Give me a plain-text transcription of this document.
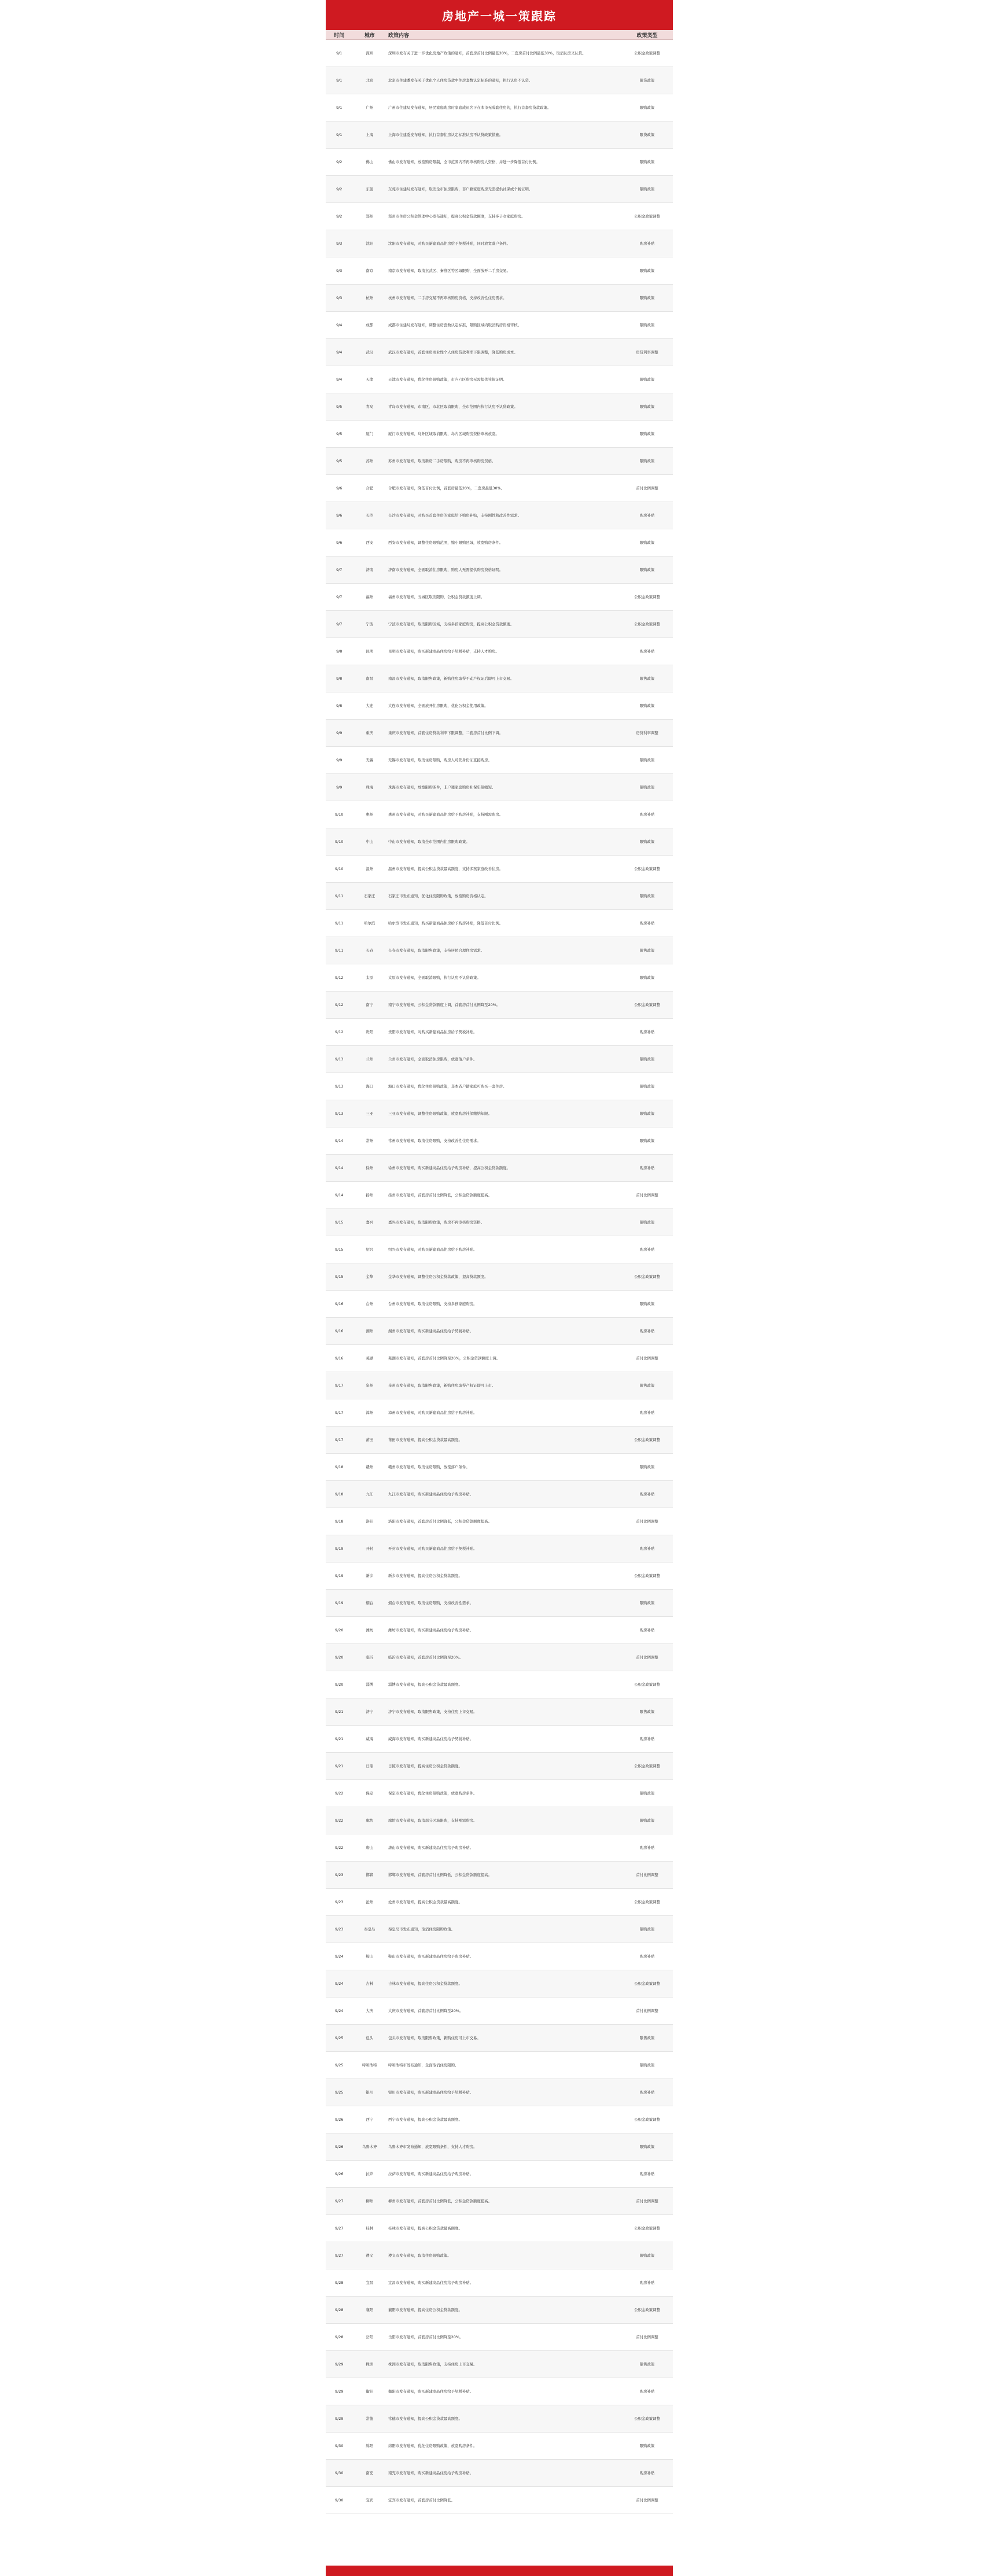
房地产一城一策跟踪
时间	城市	政策内容	政策类型
9/1	深圳	深圳市发布关于进一步优化房地产政策的通知，首套房首付比例最低20%，二套房首付比例最低30%，取消认房又认贷。	公积金政策调整
9/1	北京	北京市住建委发布关于优化个人住房贷款中住房套数认定标准的通知，执行认房不认贷。	限贷政策
9/1	广州	广州市住建局发布通知，居民家庭购房时家庭成员名下在本市无成套住房的，执行首套房贷款政策。	限购政策
9/1	上海	上海市住建委发布通知，执行首套住房认定标准认房不认贷政策措施。	限贷政策
9/2	佛山	佛山市发布通知，放宽购房限制，全市范围内不再审核购房人资格，并进一步降低首付比例。	限购政策
9/2	东莞	东莞市住建局发布通知，取消全市住房限购，非户籍家庭购房无需提供社保或个税证明。	限购政策
9/2	郑州	郑州市住房公积金管理中心发布通知，提高公积金贷款额度，支持多子女家庭购房。	公积金政策调整
9/3	沈阳	沈阳市发布通知，对购买新建商品住房给予契税补贴，同时放宽落户条件。	购房补贴
9/3	南京	南京市发布通知，取消玄武区、秦淮区等区域限购，全面放开二手房交易。	限购政策
9/3	杭州	杭州市发布通知，二手房交易不再审核购房资格，支持改善性住房需求。	限购政策
9/4	成都	成都市住建局发布通知，调整住房套数认定标准，限购区域内取消购房资格审核。	限购政策
9/4	武汉	武汉市发布通知，首套住房商业性个人住房贷款利率下限调整，降低购房成本。	房贷利率调整
9/4	天津	天津市发布通知，优化住房限购政策，市内六区购房无需提供社保证明。	限购政策
9/5	青岛	青岛市发布通知，市南区、市北区取消限购，全市范围内执行认房不认贷政策。	限购政策
9/5	厦门	厦门市发布通知，岛外区域取消限购，岛内区域购房资格审核放宽。	限购政策
9/5	苏州	苏州市发布通知，取消新房二手房限购，购房不再审核购房资格。	限购政策
9/6	合肥	合肥市发布通知，降低首付比例，首套房最低20%，二套房最低30%。	首付比例调整
9/6	长沙	长沙市发布通知，对购买首套住房的家庭给予购房补贴，支持刚性和改善性需求。	购房补贴
9/6	西安	西安市发布通知，调整住房限购范围，缩小限购区域，放宽购房条件。	限购政策
9/7	济南	济南市发布通知，全面取消住房限购，购房人无需提供购房资格证明。	限购政策
9/7	福州	福州市发布通知，五城区取消限购，公积金贷款额度上调。	公积金政策调整
9/7	宁波	宁波市发布通知，取消限购区域，支持多孩家庭购房，提高公积金贷款额度。	公积金政策调整
9/8	昆明	昆明市发布通知，购买新建商品住房给予契税补贴，支持人才购房。	购房补贴
9/8	南昌	南昌市发布通知，取消限售政策，新购住房取得不动产权证后即可上市交易。	限售政策
9/8	大连	大连市发布通知，全面放开住房限购，优化公积金使用政策。	限购政策
9/9	重庆	重庆市发布通知，首套住房贷款利率下限调整，二套房首付比例下调。	房贷利率调整
9/9	无锡	无锡市发布通知，取消住房限购，购房人可凭身份证直接购房。	限购政策
9/9	珠海	珠海市发布通知，放宽限购条件，非户籍家庭购房社保年限缩短。	限购政策
9/10	惠州	惠州市发布通知，对购买新建商品住房给予购房补贴，支持刚需购房。	购房补贴
9/10	中山	中山市发布通知，取消全市范围内住房限购政策。	限购政策
9/10	温州	温州市发布通知，提高公积金贷款最高额度，支持多孩家庭改善住房。	公积金政策调整
9/11	石家庄	石家庄市发布通知，优化住房限购政策，放宽购房资格认定。	限购政策
9/11	哈尔滨	哈尔滨市发布通知，购买新建商品住房给予购房补贴，降低首付比例。	购房补贴
9/11	长春	长春市发布通知，取消限售政策，支持居民合理住房需求。	限售政策
9/12	太原	太原市发布通知，全面取消限购，执行认房不认贷政策。	限购政策
9/12	南宁	南宁市发布通知，公积金贷款额度上调，首套房首付比例降至20%。	公积金政策调整
9/12	贵阳	贵阳市发布通知，对购买新建商品住房给予契税补贴。	购房补贴
9/13	兰州	兰州市发布通知，全面取消住房限购，放宽落户条件。	限购政策
9/13	海口	海口市发布通知，优化住房限购政策，非本省户籍家庭可购买一套住房。	限购政策
9/13	三亚	三亚市发布通知，调整住房限购政策，放宽购房社保缴纳年限。	限购政策
9/14	常州	常州市发布通知，取消住房限购，支持改善性住房需求。	限购政策
9/14	徐州	徐州市发布通知，购买新建商品住房给予购房补贴，提高公积金贷款额度。	购房补贴
9/14	扬州	扬州市发布通知，首套房首付比例降低，公积金贷款额度提高。	首付比例调整
9/15	嘉兴	嘉兴市发布通知，取消限购政策，购房不再审核购房资格。	限购政策
9/15	绍兴	绍兴市发布通知，对购买新建商品住房给予购房补贴。	购房补贴
9/15	金华	金华市发布通知，调整住房公积金贷款政策，提高贷款额度。	公积金政策调整
9/16	台州	台州市发布通知，取消住房限购，支持多孩家庭购房。	限购政策
9/16	湖州	湖州市发布通知，购买新建商品住房给予契税补贴。	购房补贴
9/16	芜湖	芜湖市发布通知，首套房首付比例降至20%，公积金贷款额度上调。	首付比例调整
9/17	泉州	泉州市发布通知，取消限售政策，新购住房取得产权证即可上市。	限售政策
9/17	漳州	漳州市发布通知，对购买新建商品住房给予购房补贴。	购房补贴
9/17	莆田	莆田市发布通知，提高公积金贷款最高额度。	公积金政策调整
9/18	赣州	赣州市发布通知，取消住房限购，放宽落户条件。	限购政策
9/18	九江	九江市发布通知，购买新建商品住房给予购房补贴。	购房补贴
9/18	洛阳	洛阳市发布通知，首套房首付比例降低，公积金贷款额度提高。	首付比例调整
9/19	开封	开封市发布通知，对购买新建商品住房给予契税补贴。	购房补贴
9/19	新乡	新乡市发布通知，提高住房公积金贷款额度。	公积金政策调整
9/19	烟台	烟台市发布通知，取消住房限购，支持改善性需求。	限购政策
9/20	潍坊	潍坊市发布通知，购买新建商品住房给予购房补贴。	购房补贴
9/20	临沂	临沂市发布通知，首套房首付比例降至20%。	首付比例调整
9/20	淄博	淄博市发布通知，提高公积金贷款最高额度。	公积金政策调整
9/21	济宁	济宁市发布通知，取消限售政策，支持住房上市交易。	限售政策
9/21	威海	威海市发布通知，购买新建商品住房给予契税补贴。	购房补贴
9/21	日照	日照市发布通知，提高住房公积金贷款额度。	公积金政策调整
9/22	保定	保定市发布通知，优化住房限购政策，放宽购房条件。	限购政策
9/22	廊坊	廊坊市发布通知，取消部分区域限购，支持刚需购房。	限购政策
9/22	唐山	唐山市发布通知，购买新建商品住房给予购房补贴。	购房补贴
9/23	邯郸	邯郸市发布通知，首套房首付比例降低，公积金贷款额度提高。	首付比例调整
9/23	沧州	沧州市发布通知，提高公积金贷款最高额度。	公积金政策调整
9/23	秦皇岛	秦皇岛市发布通知，取消住房限购政策。	限购政策
9/24	鞍山	鞍山市发布通知，购买新建商品住房给予购房补贴。	购房补贴
9/24	吉林	吉林市发布通知，提高住房公积金贷款额度。	公积金政策调整
9/24	大庆	大庆市发布通知，首套房首付比例降至20%。	首付比例调整
9/25	包头	包头市发布通知，取消限售政策，新购住房可上市交易。	限售政策
9/25	呼和浩特	呼和浩特市发布通知，全面取消住房限购。	限购政策
9/25	银川	银川市发布通知，购买新建商品住房给予契税补贴。	购房补贴
9/26	西宁	西宁市发布通知，提高公积金贷款最高额度。	公积金政策调整
9/26	乌鲁木齐	乌鲁木齐市发布通知，放宽限购条件，支持人才购房。	限购政策
9/26	拉萨	拉萨市发布通知，购买新建商品住房给予购房补贴。	购房补贴
9/27	柳州	柳州市发布通知，首套房首付比例降低，公积金贷款额度提高。	首付比例调整
9/27	桂林	桂林市发布通知，提高公积金贷款最高额度。	公积金政策调整
9/27	遵义	遵义市发布通知，取消住房限购政策。	限购政策
9/28	宜昌	宜昌市发布通知，购买新建商品住房给予购房补贴。	购房补贴
9/28	襄阳	襄阳市发布通知，提高住房公积金贷款额度。	公积金政策调整
9/28	岳阳	岳阳市发布通知，首套房首付比例降至20%。	首付比例调整
9/29	株洲	株洲市发布通知，取消限售政策，支持住房上市交易。	限售政策
9/29	衡阳	衡阳市发布通知，购买新建商品住房给予契税补贴。	购房补贴
9/29	常德	常德市发布通知，提高公积金贷款最高额度。	公积金政策调整
9/30	绵阳	绵阳市发布通知，优化住房限购政策，放宽购房条件。	限购政策
9/30	南充	南充市发布通知，购买新建商品住房给予购房补贴。	购房补贴
9/30	宜宾	宜宾市发布通知，首套房首付比例降低。	首付比例调整
